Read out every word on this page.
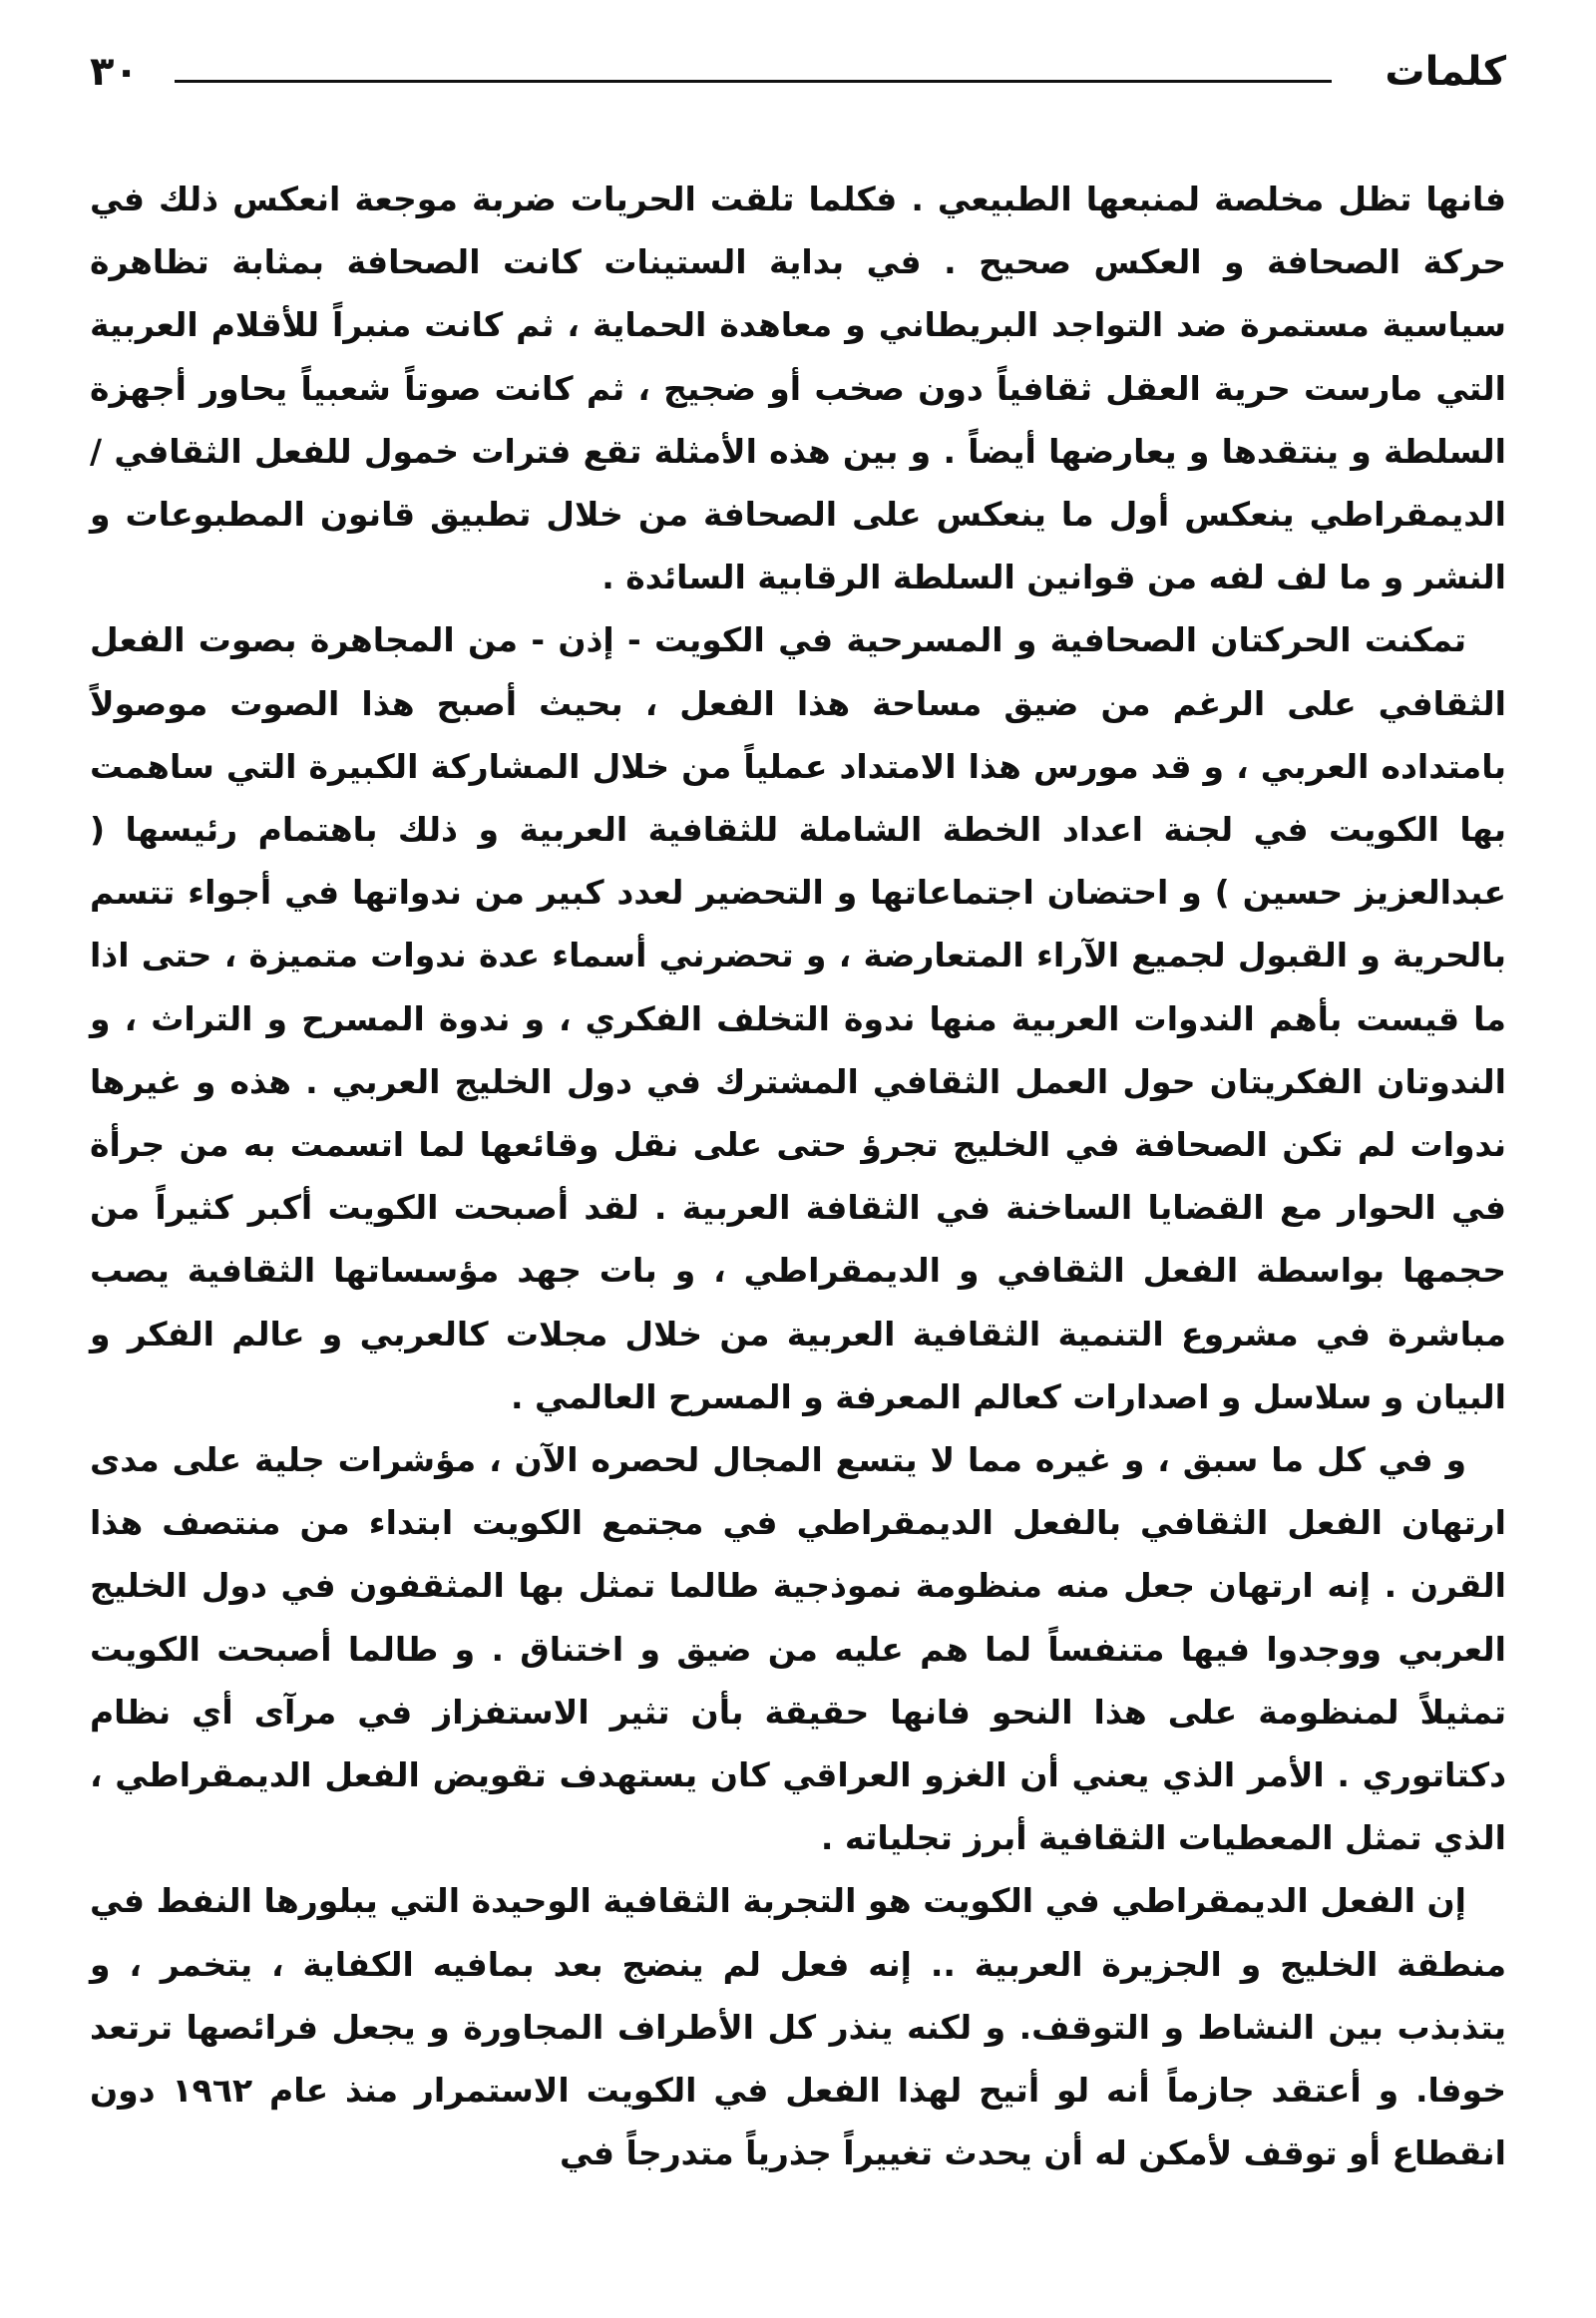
كلمات
٣٠

فانها تظل مخلصة لمنبعها الطبيعي . فكلما تلقت الحريات ضربة موجعة انعكس ذلك في حركة الصحافة و العكس صحيح . في بداية الستينات كانت الصحافة بمثابة تظاهرة سياسية مستمرة ضد التواجد البريطاني و معاهدة الحماية ، ثم كانت منبراً للأقلام العربية التي مارست حرية العقل ثقافياً دون صخب أو ضجيج ، ثم كانت صوتاً شعبياً يحاور أجهزة السلطة و ينتقدها و يعارضها أيضاً . و بين هذه الأمثلة تقع فترات خمول للفعل الثقافي / الديمقراطي ينعكس أول ما ينعكس على الصحافة من خلال تطبيق قانون المطبوعات و النشر و ما لف لفه من قوانين السلطة الرقابية السائدة .

تمكنت الحركتان الصحافية و المسرحية في الكويت - إذن - من المجاهرة بصوت الفعل الثقافي على الرغم من ضيق مساحة هذا الفعل ، بحيث أصبح هذا الصوت موصولاً بامتداده العربي ، و قد مورس هذا الامتداد عملياً من خلال المشاركة الكبيرة التي ساهمت بها الكويت في لجنة اعداد الخطة الشاملة للثقافية العربية و ذلك باهتمام رئيسها ( عبدالعزيز حسين ) و احتضان اجتماعاتها و التحضير لعدد كبير من ندواتها في أجواء تتسم بالحرية و القبول لجميع الآراء المتعارضة ، و تحضرني أسماء عدة ندوات متميزة ، حتى اذا ما قيست بأهم الندوات العربية منها ندوة التخلف الفكري ، و ندوة المسرح و التراث ، و الندوتان الفكريتان حول العمل الثقافي المشترك في دول الخليج العربي . هذه و غيرها ندوات لم تكن الصحافة في الخليج تجرؤ حتى على نقل وقائعها لما اتسمت به من جرأة في الحوار مع القضايا الساخنة في الثقافة العربية . لقد أصبحت الكويت أكبر كثيراً من حجمها بواسطة الفعل الثقافي و الديمقراطي ، و بات جهد مؤسساتها الثقافية يصب مباشرة في مشروع التنمية الثقافية العربية من خلال مجلات كالعربي و عالم الفكر و البيان و سلاسل و اصدارات كعالم المعرفة و المسرح العالمي .

و في كل ما سبق ، و غيره مما لا يتسع المجال لحصره الآن ، مؤشرات جلية على مدى ارتهان الفعل الثقافي بالفعل الديمقراطي في مجتمع الكويت ابتداء من منتصف هذا القرن . إنه ارتهان جعل منه منظومة نموذجية طالما تمثل بها المثقفون في دول الخليج العربي ووجدوا فيها متنفساً لما هم عليه من ضيق و اختناق . و طالما أصبحت الكويت تمثيلاً لمنظومة على هذا النحو فانها حقيقة بأن تثير الاستفزاز في مرآى أي نظام دكتاتوري . الأمر الذي يعني أن الغزو العراقي كان يستهدف تقويض الفعل الديمقراطي ، الذي تمثل المعطيات الثقافية أبرز تجلياته .

إن الفعل الديمقراطي في الكويت هو التجربة الثقافية الوحيدة التي يبلورها النفط في منطقة الخليج و الجزيرة العربية .. إنه فعل لم ينضج بعد بمافيه الكفاية ، يتخمر ، و يتذبذب بين النشاط و التوقف. و لكنه ينذر كل الأطراف المجاورة و يجعل فرائصها ترتعد خوفا. و أعتقد جازماً أنه لو أتيح لهذا الفعل في الكويت الاستمرار منذ عام ١٩٦٢ دون انقطاع أو توقف لأمكن له أن يحدث تغييراً جذرياً متدرجاً في
